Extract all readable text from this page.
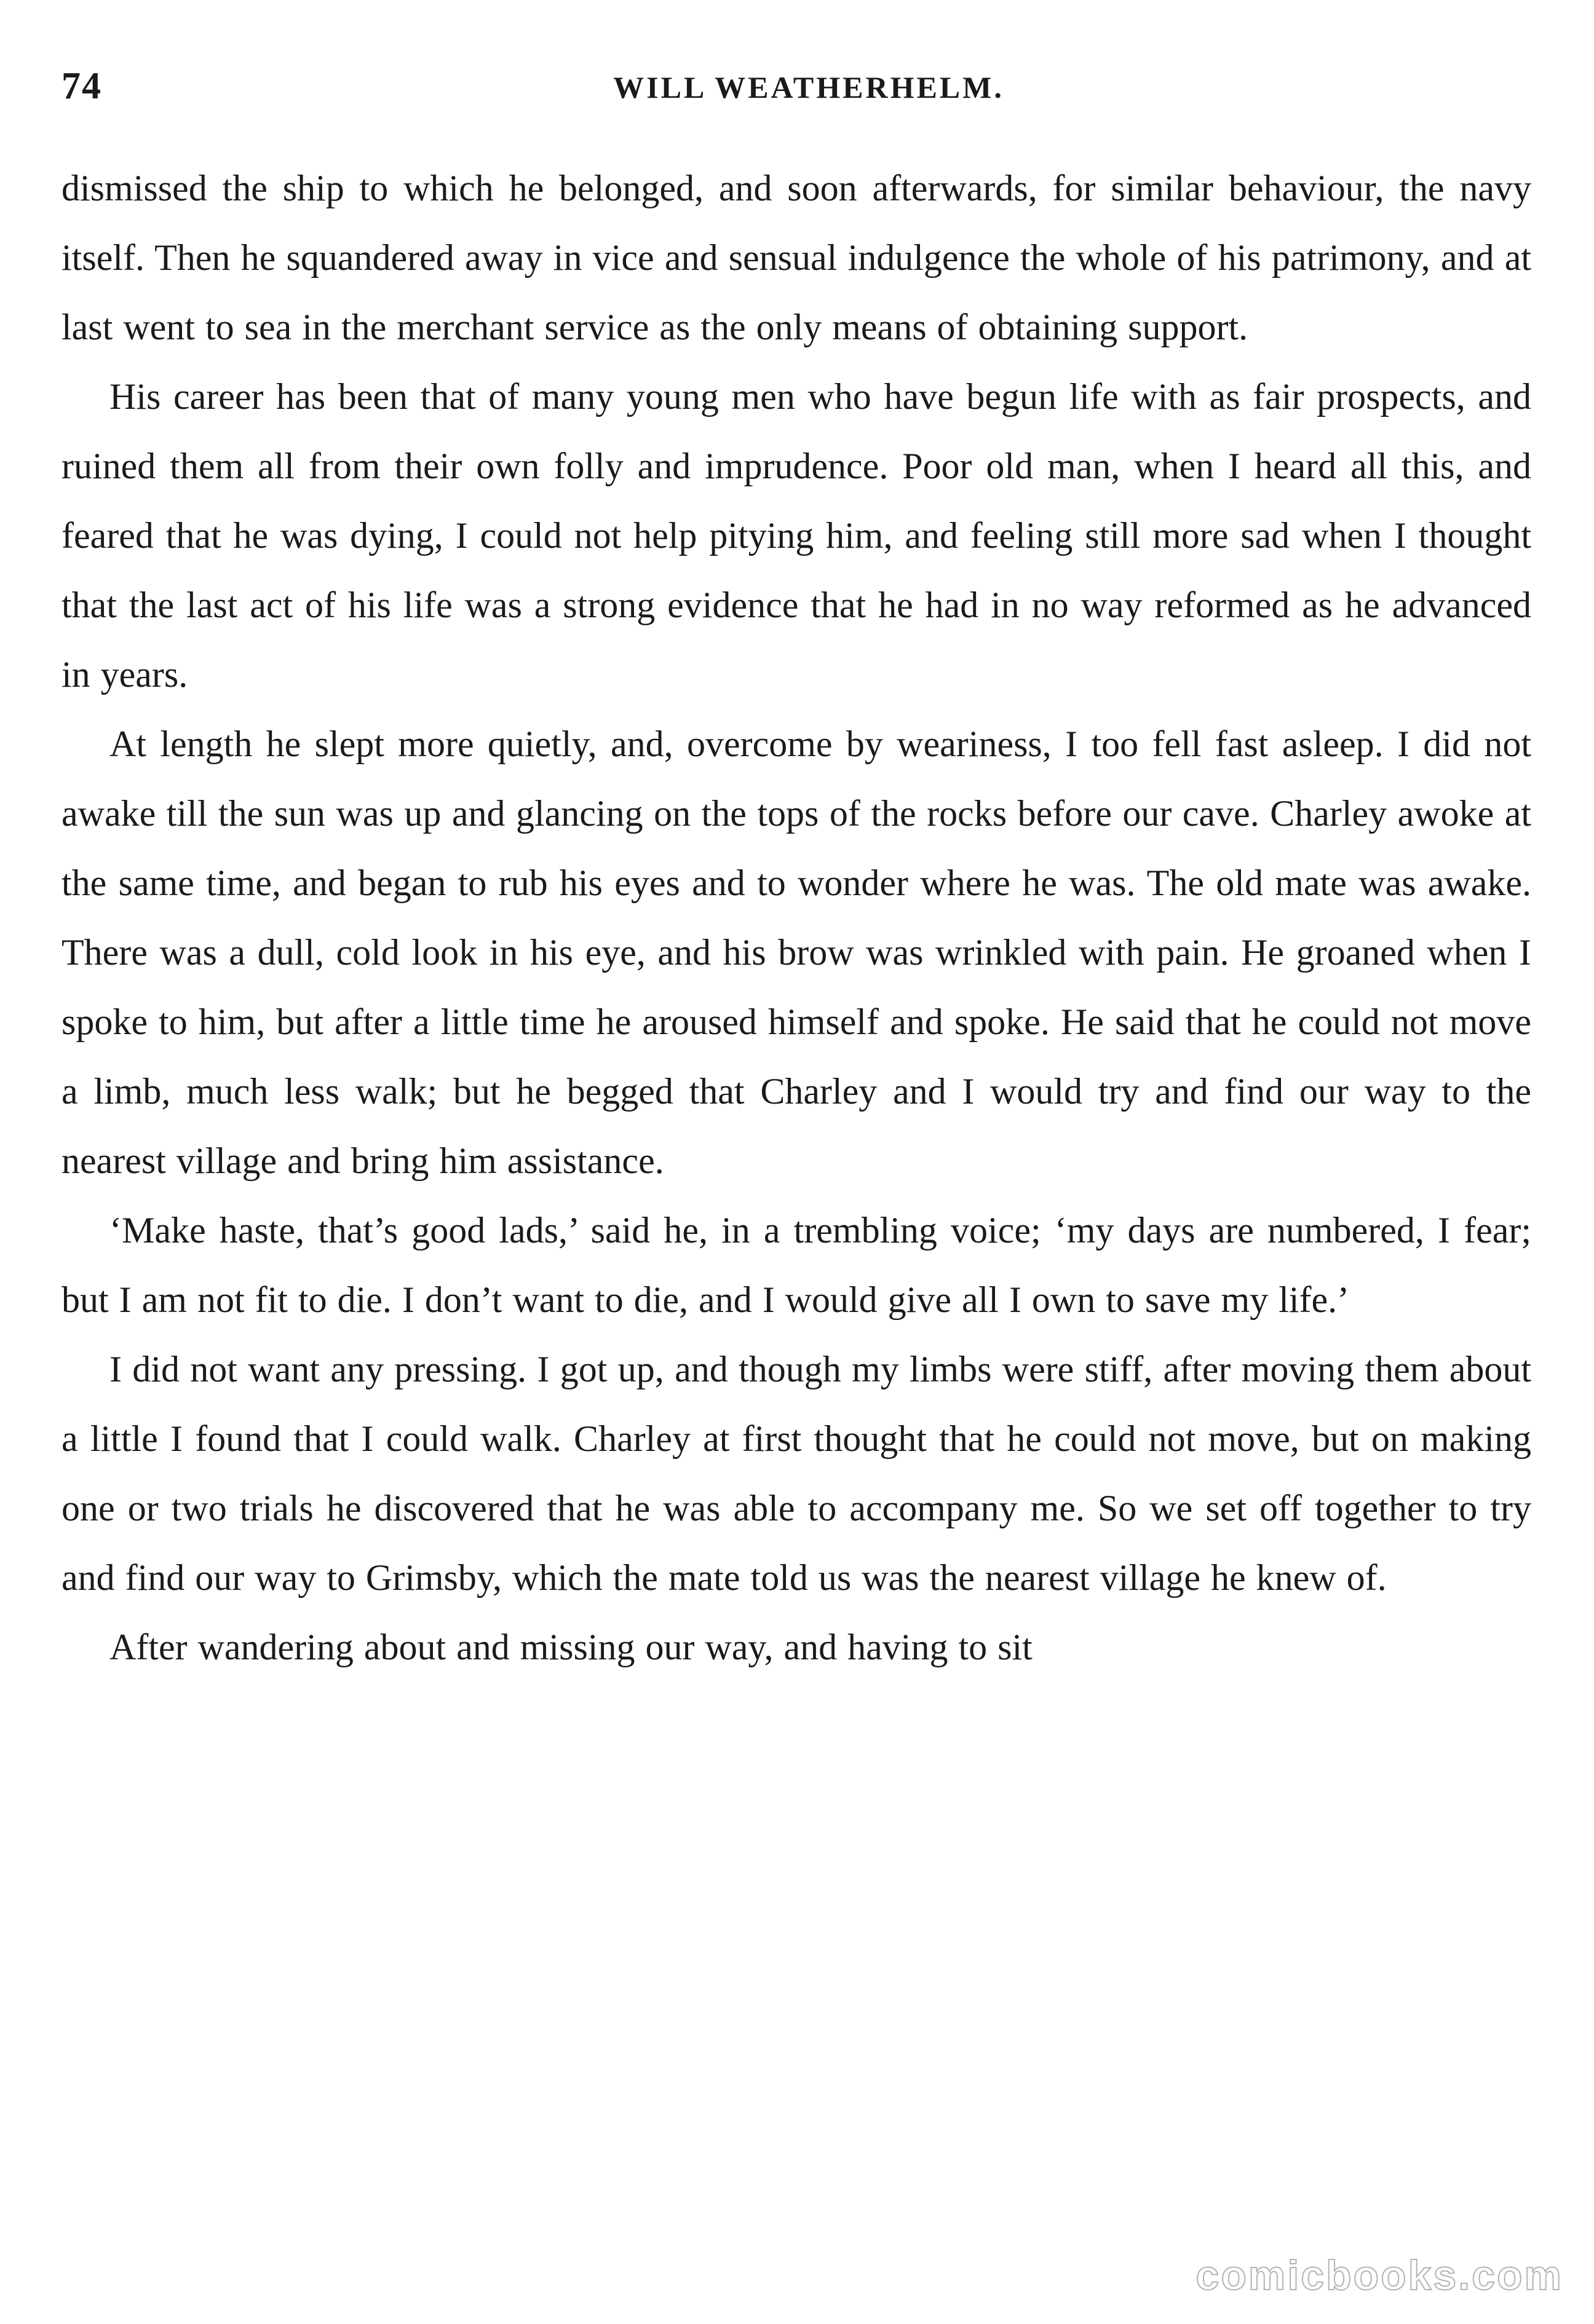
74	WILL WEATHERHELM.

dismissed the ship to which he belonged, and soon afterwards, for similar behaviour, the navy itself. Then he squandered away in vice and sensual indulgence the whole of his patrimony, and at last went to sea in the merchant service as the only means of obtaining support.

His career has been that of many young men who have begun life with as fair prospects, and ruined them all from their own folly and imprudence. Poor old man, when I heard all this, and feared that he was dying, I could not help pitying him, and feeling still more sad when I thought that the last act of his life was a strong evidence that he had in no way reformed as he advanced in years.

At length he slept more quietly, and, overcome by weariness, I too fell fast asleep. I did not awake till the sun was up and glancing on the tops of the rocks before our cave. Charley awoke at the same time, and began to rub his eyes and to wonder where he was. The old mate was awake. There was a dull, cold look in his eye, and his brow was wrinkled with pain. He groaned when I spoke to him, but after a little time he aroused himself and spoke. He said that he could not move a limb, much less walk; but he begged that Charley and I would try and find our way to the nearest village and bring him assistance.

‘Make haste, that’s good lads,’ said he, in a trembling voice; ‘my days are numbered, I fear; but I am not fit to die. I don’t want to die, and I would give all I own to save my life.’

I did not want any pressing. I got up, and though my limbs were stiff, after moving them about a little I found that I could walk. Charley at first thought that he could not move, but on making one or two trials he discovered that he was able to accompany me. So we set off together to try and find our way to Grimsby, which the mate told us was the nearest village he knew of.

After wandering about and missing our way, and having to sit

comicbooks.com
